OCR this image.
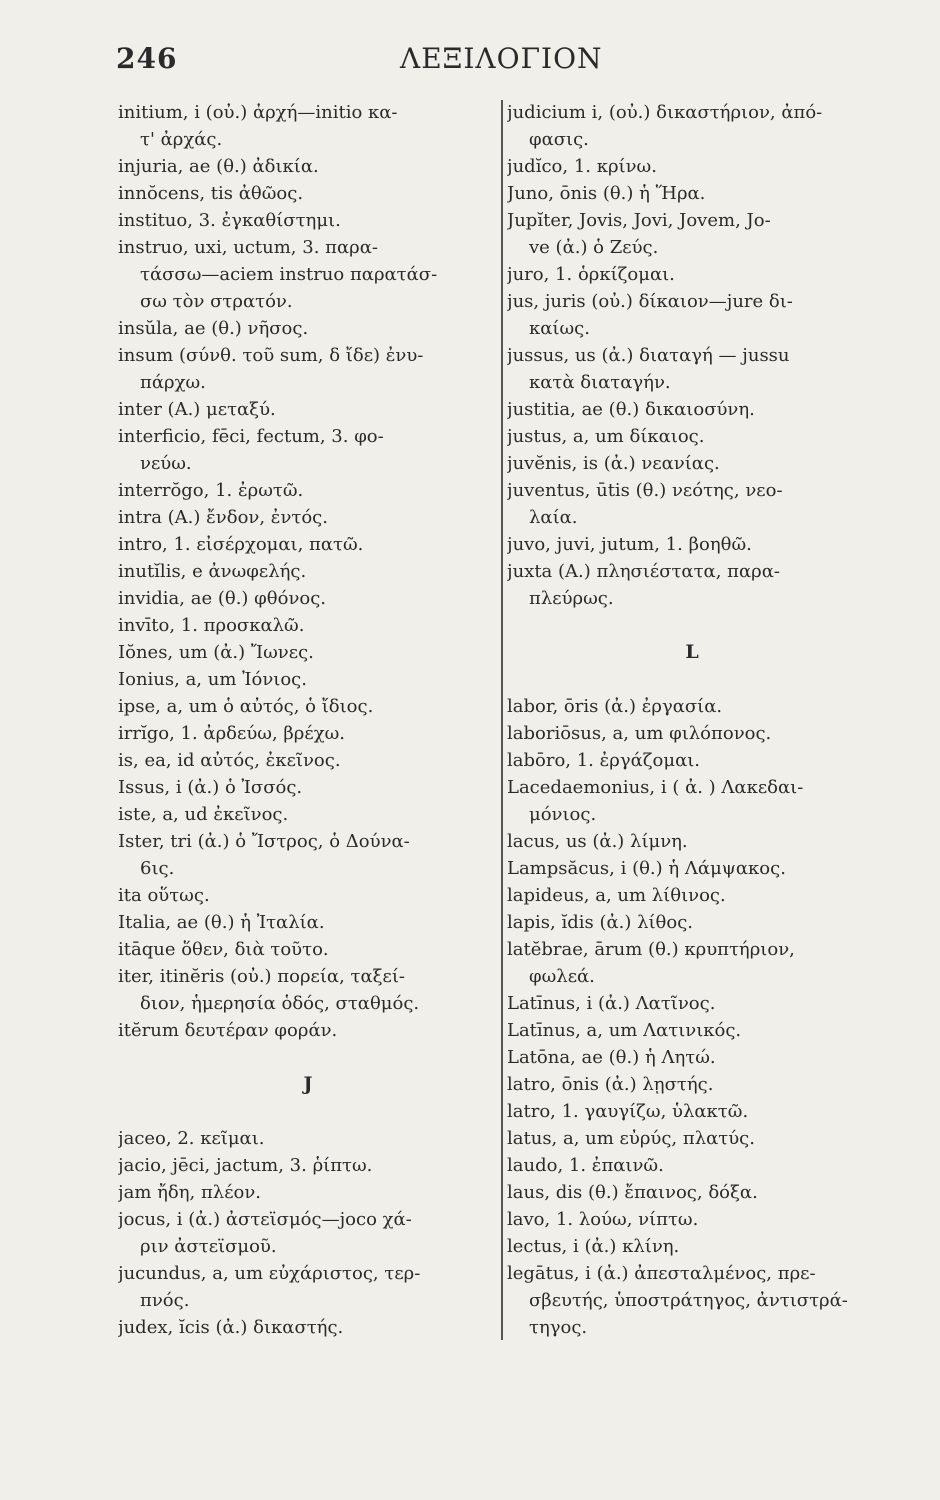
246	ΛΕΞΙΛΟΓΙΟΝ
initium, i (οὐ.) ἀρχή—initio κα-
τ' ἀρχάς.
injuria, ae (θ.) ἀδικία.
innŏcens, tis ἀθῶος.
instituo, 3. ἐγκαθίστημι.
instruo, uxi, uctum, 3. παρα-
τάσσω—aciem instruo παρατάσ-
σω τὸν στρατόν.
insŭla, ae (θ.) νῆσος.
insum (σύνθ. τοῦ sum, δ ἴδε) ἐνυ-
πάρχω.
inter (A.) μεταξύ.
interficio, fēci, fectum, 3. φο-
νεύω.
interrŏgo, 1. ἐρωτῶ.
intra (A.) ἔνδον, ἐντός.
intro, 1. εἰσέρχομαι, πατῶ.
inutĭlis, e ἀνωφελής.
invidia, ae (θ.) φθόνος.
invīto, 1. προσκαλῶ.
Iŏnes, um (ἀ.) Ἴωνες.
Ionius, a, um Ἰόνιος.
ipse, a, um ὁ αὐτός, ὁ ἴδιος.
irrĭgo, 1. ἀρδεύω, βρέχω.
is, ea, id αὐτός, ἐκεῖνος.
Issus, i (ἀ.) ὁ Ἰσσός.
iste, a, ud ἐκεῖνος.
Ister, tri (ἀ.) ὁ Ἴστρος, ὁ Δούνα-
6ις.
ita οὕτως.
Italia, ae (θ.) ἡ Ἰταλία.
itāque ὅθεν, διὰ τοῦτο.
iter, itinĕris (οὐ.) πορεία, ταξεί-
διον, ἡμερησία ὁδός, σταθμός.
itĕrum δευτέραν φοράν.
J
jaceo, 2. κεῖμαι.
jacio, jēci, jactum, 3. ῥίπτω.
jam ἤδη, πλέον.
jocus, i (ἀ.) ἀστεϊσμός—joco χά-
ριν ἀστεϊσμοῦ.
jucundus, a, um εὐχάριστος, τερ-
πνός.
judex, ĭcis (ἀ.) δικαστής.
judicium i, (οὐ.) δικαστήριον, ἀπό-
φασις.
judĭco, 1. κρίνω.
Juno, ōnis (θ.) ἡ Ἥρα.
Jupĭter, Jovis, Jovi, Jovem, Jo-
ve (ἀ.) ὁ Ζεύς.
juro, 1. ὁρκίζομαι.
jus, juris (οὐ.) δίκαιον—jure δι-
καίως.
jussus, us (ἀ.) διαταγή — jussu
κατὰ διαταγήν.
justitia, ae (θ.) δικαιοσύνη.
justus, a, um δίκαιος.
juvĕnis, is (ἀ.) νεανίας.
juventus, ūtis (θ.) νεότης, νεο-
λαία.
juvo, juvi, jutum, 1. βοηθῶ.
juxta (A.) πλησιέστατα, παρα-
πλεύρως.
L
labor, ōris (ἀ.) ἐργασία.
laboriōsus, a, um φιλόπονος.
labōro, 1. ἐργάζομαι.
Lacedaemonius, i ( ἀ. ) Λακεδαι-
μόνιος.
lacus, us (ἀ.) λίμνη.
Lampsăcus, i (θ.) ἡ Λάμψακος.
lapideus, a, um λίθινος.
lapis, ĭdis (ἀ.) λίθος.
latĕbrae, ārum (θ.) κρυπτήριον,
φωλεά.
Latīnus, i (ἀ.) Λατῖνος.
Latīnus, a, um Λατινικός.
Latōna, ae (θ.) ἡ Λητώ.
latro, ōnis (ἀ.) λῃστής.
latro, 1. γαυγίζω, ὑλακτῶ.
latus, a, um εὐρύς, πλατύς.
laudo, 1. ἐπαινῶ.
laus, dis (θ.) ἔπαινος, δόξα.
lavo, 1. λούω, νίπτω.
lectus, i (ἀ.) κλίνη.
legātus, i (ἀ.) ἀπεσταλμένος, πρε-
σβευτής, ὑποστράτηγος, ἀντιστρά-
τηγος.
